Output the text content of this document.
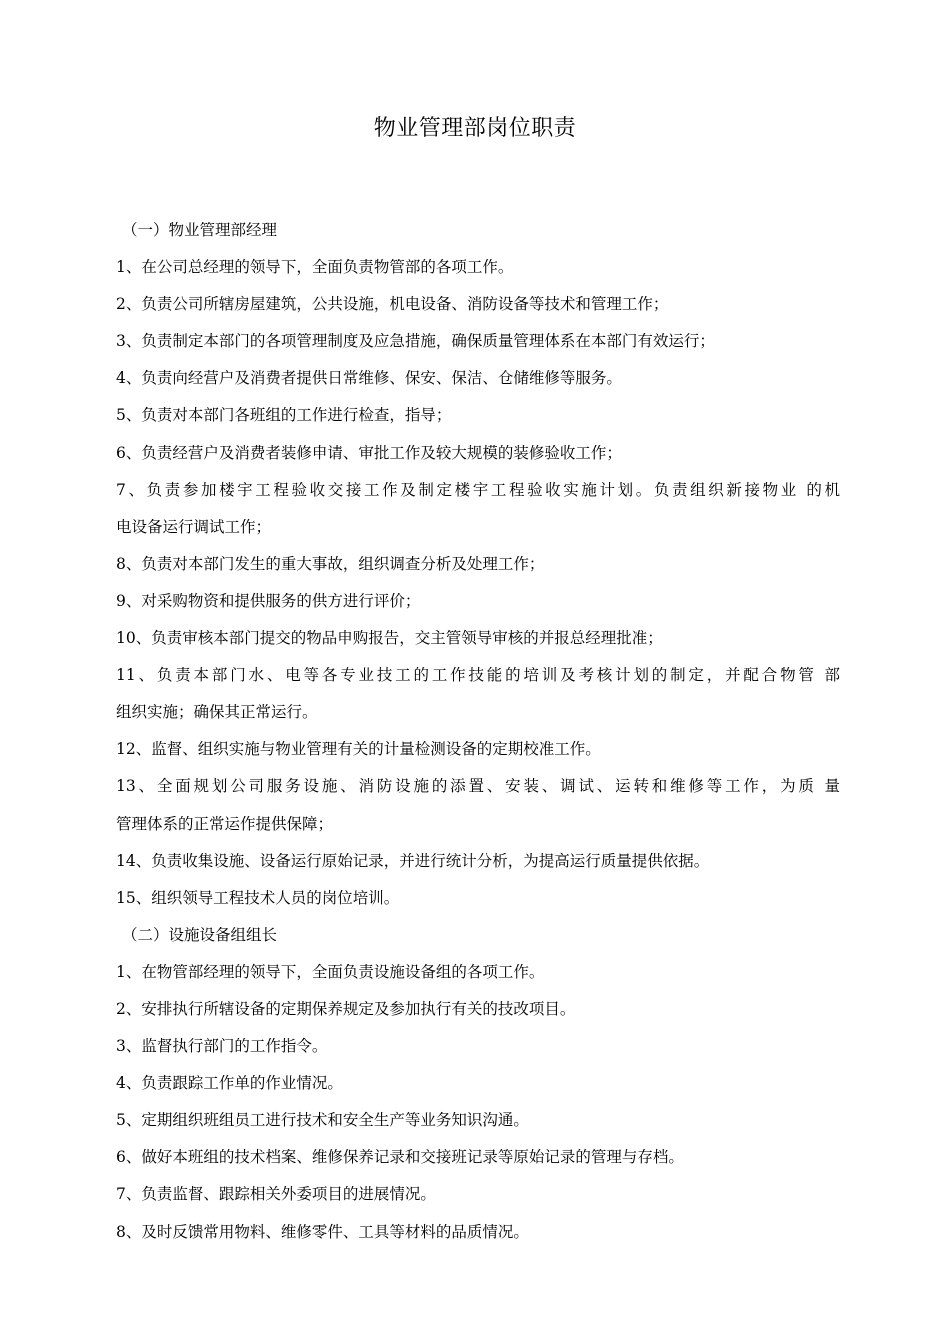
物业管理部岗位职责
（一）物业管理部经理
1、在公司总经理的领导下，全面负责物管部的各项工作。
2、负责公司所辖房屋建筑，公共设施，机电设备、消防设备等技术和管理工作；
3、负责制定本部门的各项管理制度及应急措施，确保质量管理体系在本部门有效运行；
4、负责向经营户及消费者提供日常维修、保安、保洁、仓储维修等服务。
5、负责对本部门各班组的工作进行检查，指导；
6、负责经营户及消费者装修申请、审批工作及较大规模的装修验收工作；
7、负责参加楼宇工程验收交接工作及制定楼宇工程验收实施计划。负责组织新接物业 的机
电设备运行调试工作；
8、负责对本部门发生的重大事故，组织调查分析及处理工作；
9、对采购物资和提供服务的供方进行评价；
10、负责审核本部门提交的物品申购报告，交主管领导审核的并报总经理批准；
11、负责本部门水、电等各专业技工的工作技能的培训及考核计划的制定，并配合物管 部
组织实施；确保其正常运行。
12、监督、组织实施与物业管理有关的计量检测设备的定期校准工作。
13、全面规划公司服务设施、消防设施的添置、安装、调试、运转和维修等工作，为质 量
管理体系的正常运作提供保障；
14、负责收集设施、设备运行原始记录，并进行统计分析，为提高运行质量提供依据。
15、组织领导工程技术人员的岗位培训。
（二）设施设备组组长
1、在物管部经理的领导下，全面负责设施设备组的各项工作。
2、安排执行所辖设备的定期保养规定及参加执行有关的技改项目。
3、监督执行部门的工作指令。
4、负责跟踪工作单的作业情况。
5、定期组织班组员工进行技术和安全生产等业务知识沟通。
6、做好本班组的技术档案、维修保养记录和交接班记录等原始记录的管理与存档。
7、负责监督、跟踪相关外委项目的进展情况。
8、及时反馈常用物料、维修零件、工具等材料的品质情况。
